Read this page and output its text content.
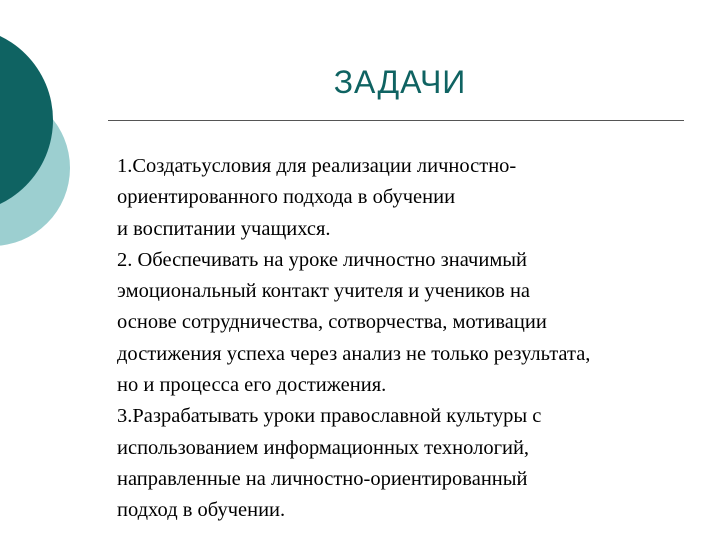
ЗАДАЧИ
1.Создатьусловия для реализации личностно-
ориентированного подхода в обучении
и воспитании учащихся.
2. Обеспечивать на уроке личностно значимый
эмоциональный контакт учителя и учеников на
основе сотрудничества, сотворчества, мотивации
достижения успеха через анализ не только результата,
но и процесса его достижения.
3.Разрабатывать уроки православной культуры с
использованием информационных технологий,
направленные на личностно-ориентированный
подход в обучении.
